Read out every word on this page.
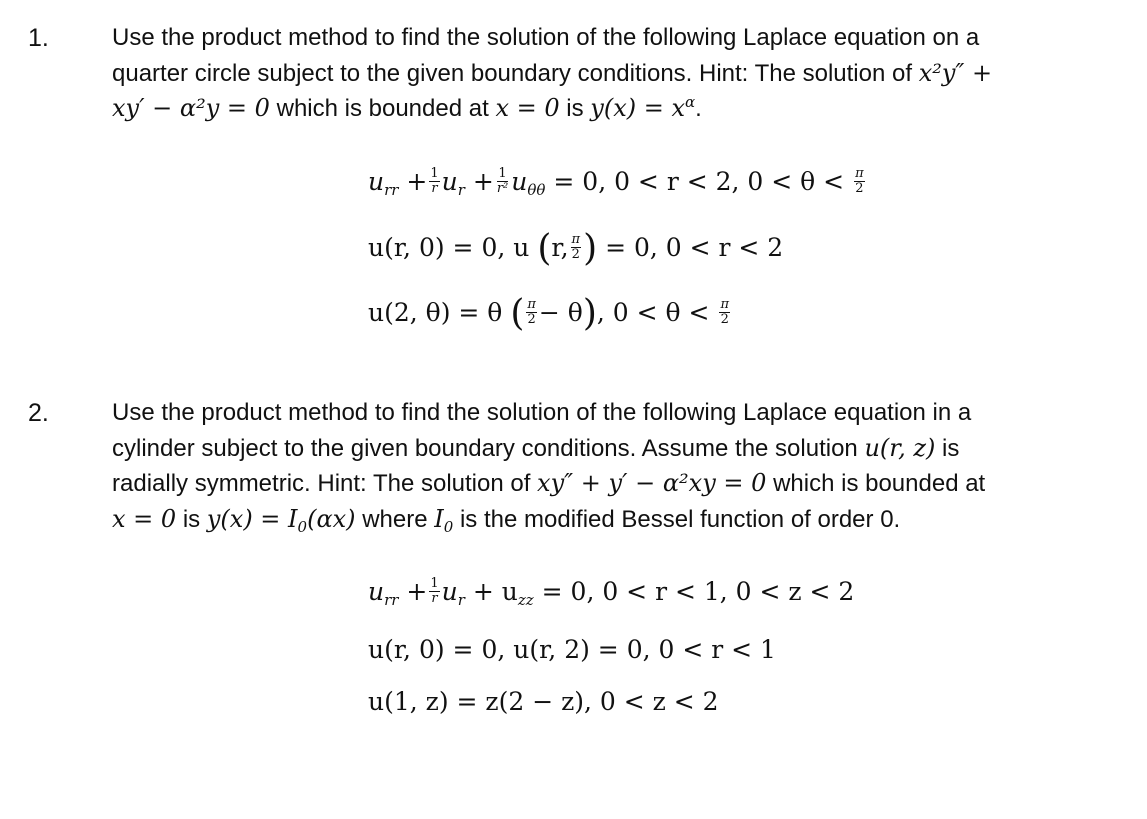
1.	Use the product method to find the solution of the following Laplace equation on a
quarter circle subject to the given boundary conditions. Hint: The solution of x²y″ +
xy′ − α²y = 0 which is bounded at x = 0 is $y(x) = x^\alpha$.
$u_{rr} + \frac{1}{r} u_r + \frac{1}{\text{r²}} u_{\theta\theta} = 0$, 0 < r < 2, $0 < \theta < \frac{\pi}{2}$
u(r, 0) = 0, u (r, $\frac{\pi}{2}$ ) = 0, 0 < r < 2
u(2, θ) = θ ( $\frac{\pi}{2} - \theta$), $0 < \theta < \frac{\pi}{2}$
2.	Use the product method to find the solution of the following Laplace equation in a
cylinder subject to the given boundary conditions. Assume the solution u(r, z) is
radially symmetric. Hint: The solution of xy″ + y′ − α²xy = 0 which is bounded at
x = 0 is $y(x) = I_0(\alpha x)$ where $I_0$ is the modified Bessel function of order 0.
$u_{rr} + \frac{1}{r} u_r + u_{zz} = 0$, 0 < r < 1, 0 < z < 2
u(r, 0) = 0, u(r, 2) = 0, 0 < r < 1
u(1, z) = z(2 − z), 0 < z < 2
